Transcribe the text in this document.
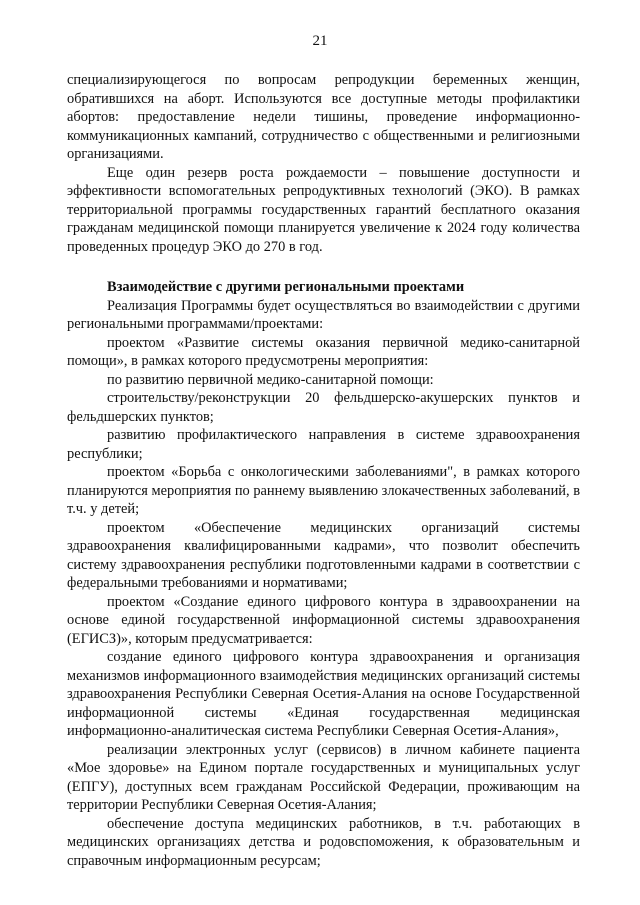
21

специализирующегося по вопросам репродукции беременных женщин, обратившихся на аборт. Используются все доступные методы профилактики абортов: предоставление недели тишины, проведение информационно-коммуникационных кампаний, сотрудничество с общественными и религиозными организациями.

Еще один резерв роста рождаемости – повышение доступности и эффективности вспомогательных репродуктивных технологий (ЭКО). В рамках территориальной программы государственных гарантий бесплатного оказания гражданам медицинской помощи планируется увеличение к 2024 году количества проведенных процедур ЭКО до 270 в год.

Взаимодействие с другими региональными проектами

Реализация Программы будет осуществляться во взаимодействии с другими региональными программами/проектами:

проектом «Развитие системы оказания первичной медико-санитарной помощи», в рамках которого предусмотрены мероприятия:

по развитию первичной медико-санитарной помощи:

строительству/реконструкции 20 фельдшерско-акушерских пунктов и фельдшерских пунктов;

развитию профилактического направления в системе здравоохранения республики;

проектом «Борьба с онкологическими заболеваниями", в рамках которого планируются мероприятия по раннему выявлению злокачественных заболеваний, в т.ч. у детей;

проектом «Обеспечение медицинских организаций системы здравоохранения квалифицированными кадрами», что позволит обеспечить систему здравоохранения республики подготовленными кадрами в соответствии с федеральными требованиями и нормативами;

проектом «Создание единого цифрового контура в здравоохранении на основе единой государственной информационной системы здравоохранения (ЕГИСЗ)», которым предусматривается:

создание единого цифрового контура здравоохранения и организация механизмов информационного взаимодействия медицинских организаций системы здравоохранения Республики Северная Осетия-Алания на основе Государственной информационной системы «Единая государственная медицинская информационно-аналитическая система Республики Северная Осетия-Алания»,

реализации электронных услуг (сервисов) в личном кабинете пациента «Мое здоровье» на Едином портале государственных и муниципальных услуг (ЕПГУ), доступных всем гражданам Российской Федерации, проживающим на территории Республики Северная Осетия-Алания;

обеспечение доступа медицинских работников, в т.ч. работающих в медицинских организациях детства и родовспоможения, к образовательным и справочным информационным ресурсам;
